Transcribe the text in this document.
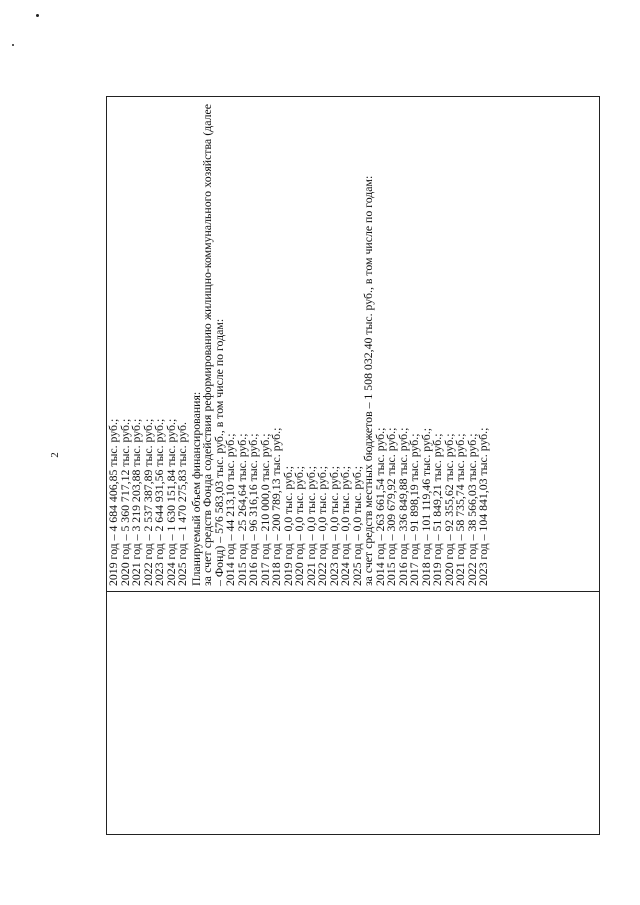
2	2019 год – 4 684 406,85 тыс. руб.;
2020 год – 5 360 717,12 тыс. руб.;
2021 год – 3 219 203,88 тыс. руб.;
2022 год – 2 537 387,89 тыс. руб.;
2023 год – 2 644 931,56 тыс. руб.;
2024 год – 1 630 151,84 тыс. руб.;
2025 год – 1 470 275,83 тыс. руб. Планируемый объем финансирования:
за счет средств Фонда содействия реформированию жилищно-коммунального хозяйства (далее – Фонд) – 576 583,03 тыс. руб., в том числе по годам:
2014 год – 44 213,10 тыс. руб.;
2015 год – 25 264,64 тыс. руб.;
2016 год – 96 316,16 тыс. руб.;
2017 год – 210 000,0 тыс. руб.;
2018 год – 200 789,13 тыс. руб.;
2019 год – 0,0 тыс. руб.;
2020 год – 0,0 тыс. руб.;
2021 год – 0,0 тыс. руб.;
2022 год – 0,0 тыс. руб.;
2023 год – 0,0 тыс. руб.;
2024 год – 0,0 тыс. руб.;
2025 год – 0,0 тыс. руб.;
за счет средств местных бюджетов – 1 508 032,40 тыс. руб., в том числе по годам:
2014 год – 263 661,54 тыс. руб.;
2015 год – 309 679,92 тыс. руб.;
2016 год – 336 849,88 тыс. руб.;
2017 год – 91 898,19 тыс. руб.;
2018 год – 101 119,46 тыс. руб.;
2019 год – 51 849,21 тыс. руб.;
2020 год – 92 355,62 тыс. руб.;
2021 год – 58 735,74 тыс. руб.;
2022 год – 38 566,03 тыс. руб.;
2023 год – 104 841,03 тыс. руб.;
